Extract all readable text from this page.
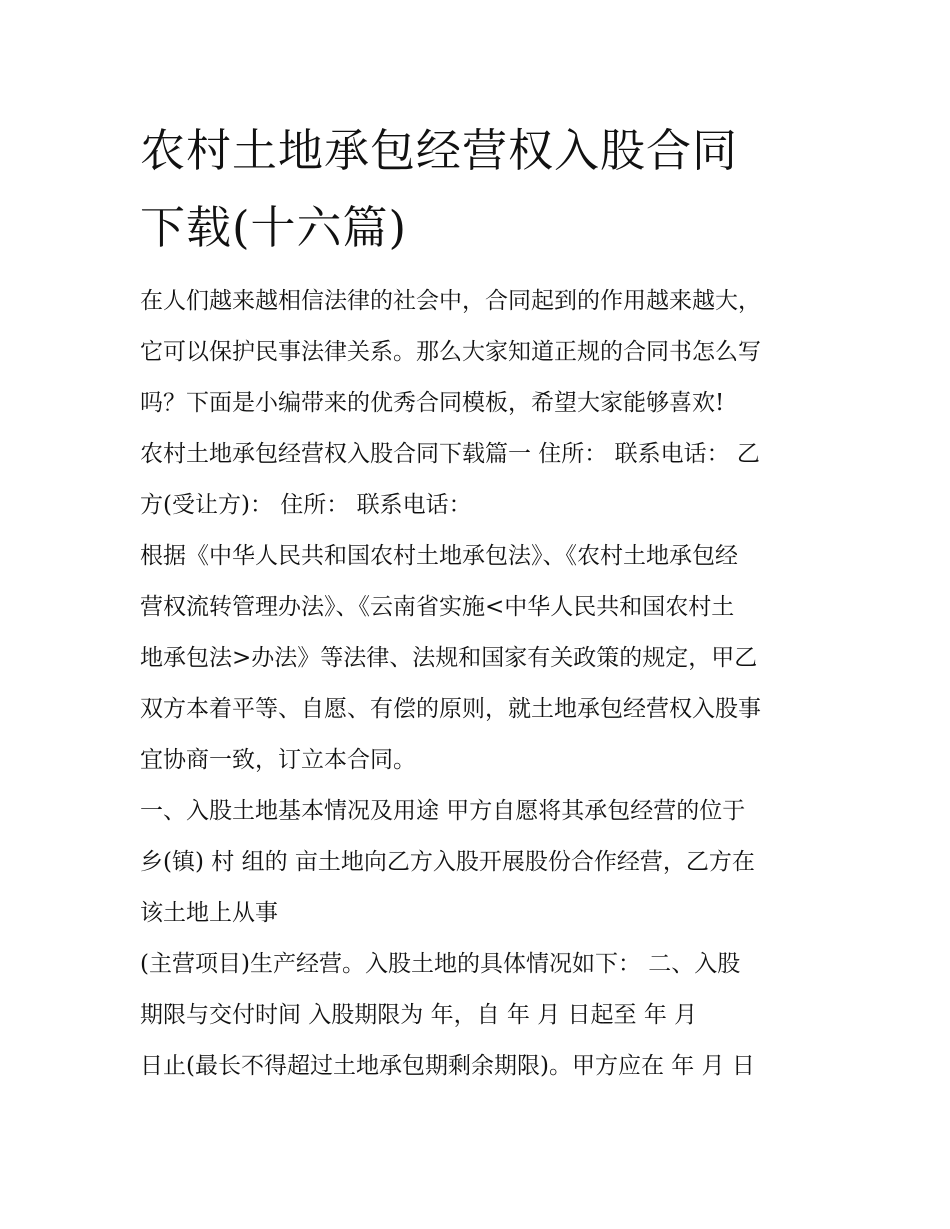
农村土地承包经营权入股合同
下载(十六篇)
在人们越来越相信法律的社会中，合同起到的作用越来越大，
它可以保护民事法律关系。那么大家知道正规的合同书怎么写
吗？下面是小编带来的优秀合同模板，希望大家能够喜欢!
农村土地承包经营权入股合同下载篇一 住所： 联系电话： 乙
方(受让方)： 住所： 联系电话：
根据《中华人民共和国农村土地承包法》、《农村土地承包经
营权流转管理办法》、《云南省实施<中华人民共和国农村土
地承包法>办法》等法律、法规和国家有关政策的规定，甲乙
双方本着平等、自愿、有偿的原则，就土地承包经营权入股事
宜协商一致，订立本合同。
一、入股土地基本情况及用途 甲方自愿将其承包经营的位于
乡(镇) 村 组的 亩土地向乙方入股开展股份合作经营，乙方在
该土地上从事
(主营项目)生产经营。入股土地的具体情况如下： 二、入股
期限与交付时间 入股期限为 年，自 年 月 日起至 年 月
日止(最长不得超过土地承包期剩余期限)。甲方应在 年 月 日
